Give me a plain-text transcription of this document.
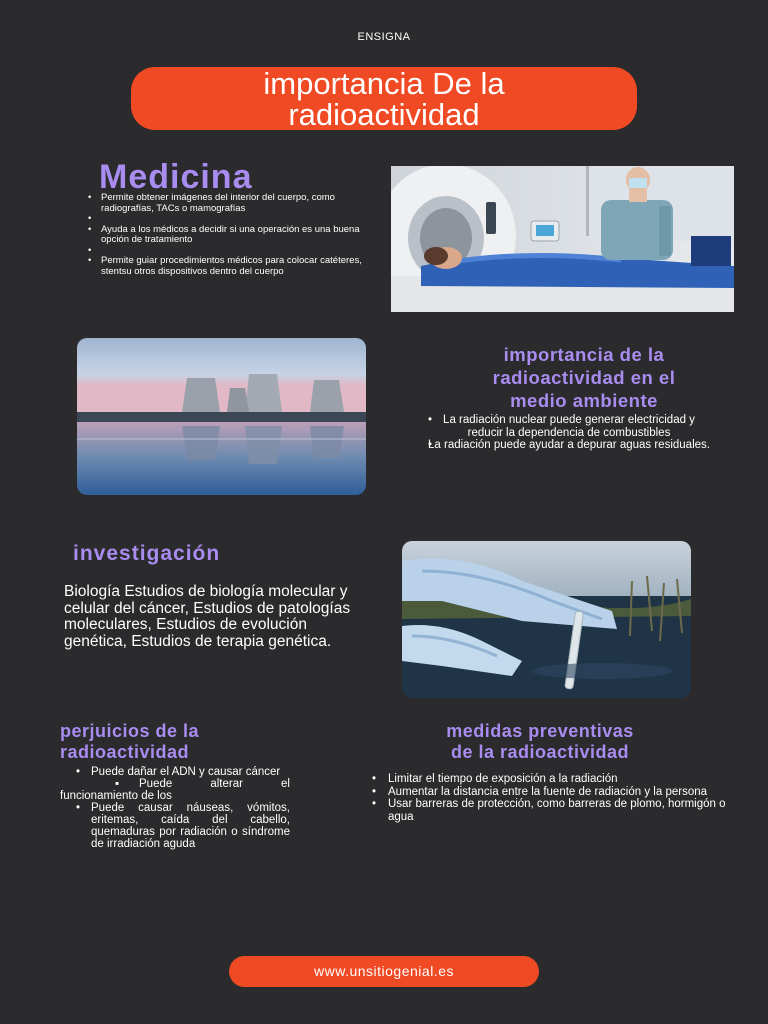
ENSIGNA
importancia De la
radioactividad
Medicina
• Permite obtener imágenes del interior del cuerpo, como radiografías, TACs o mamografías
•
• Ayuda a los médicos a decidir si una operación es una buena opción de tratamiento
•
• Permite guiar procedimientos médicos para colocar catéteres, stentsu otros dispositivos dentro del cuerpo
importancia de la
radioactividad en el
medio ambiente
• La radiación nuclear puede generar electricidad y reducir la dependencia de combustibles
• La radiación puede ayudar a depurar aguas residuales.
investigación
Biología Estudios de biología molecular y celular del cáncer, Estudios de patologías moleculares, Estudios de evolución genética, Estudios de terapia genética.
perjuicios de la
radioactividad
• Puede dañar el ADN y causar cáncer
▪ Puede alterar el funcionamiento de los
• Puede causar náuseas, vómitos, eritemas, caída del cabello, quemaduras por radiación o síndrome de irradiación aguda
medidas preventivas
de la radioactividad
• Limitar el tiempo de exposición a la radiación
• Aumentar la distancia entre la fuente de radiación y la persona
• Usar barreras de protección, como barreras de plomo, hormigón o agua
www.unsitiogenial.es
